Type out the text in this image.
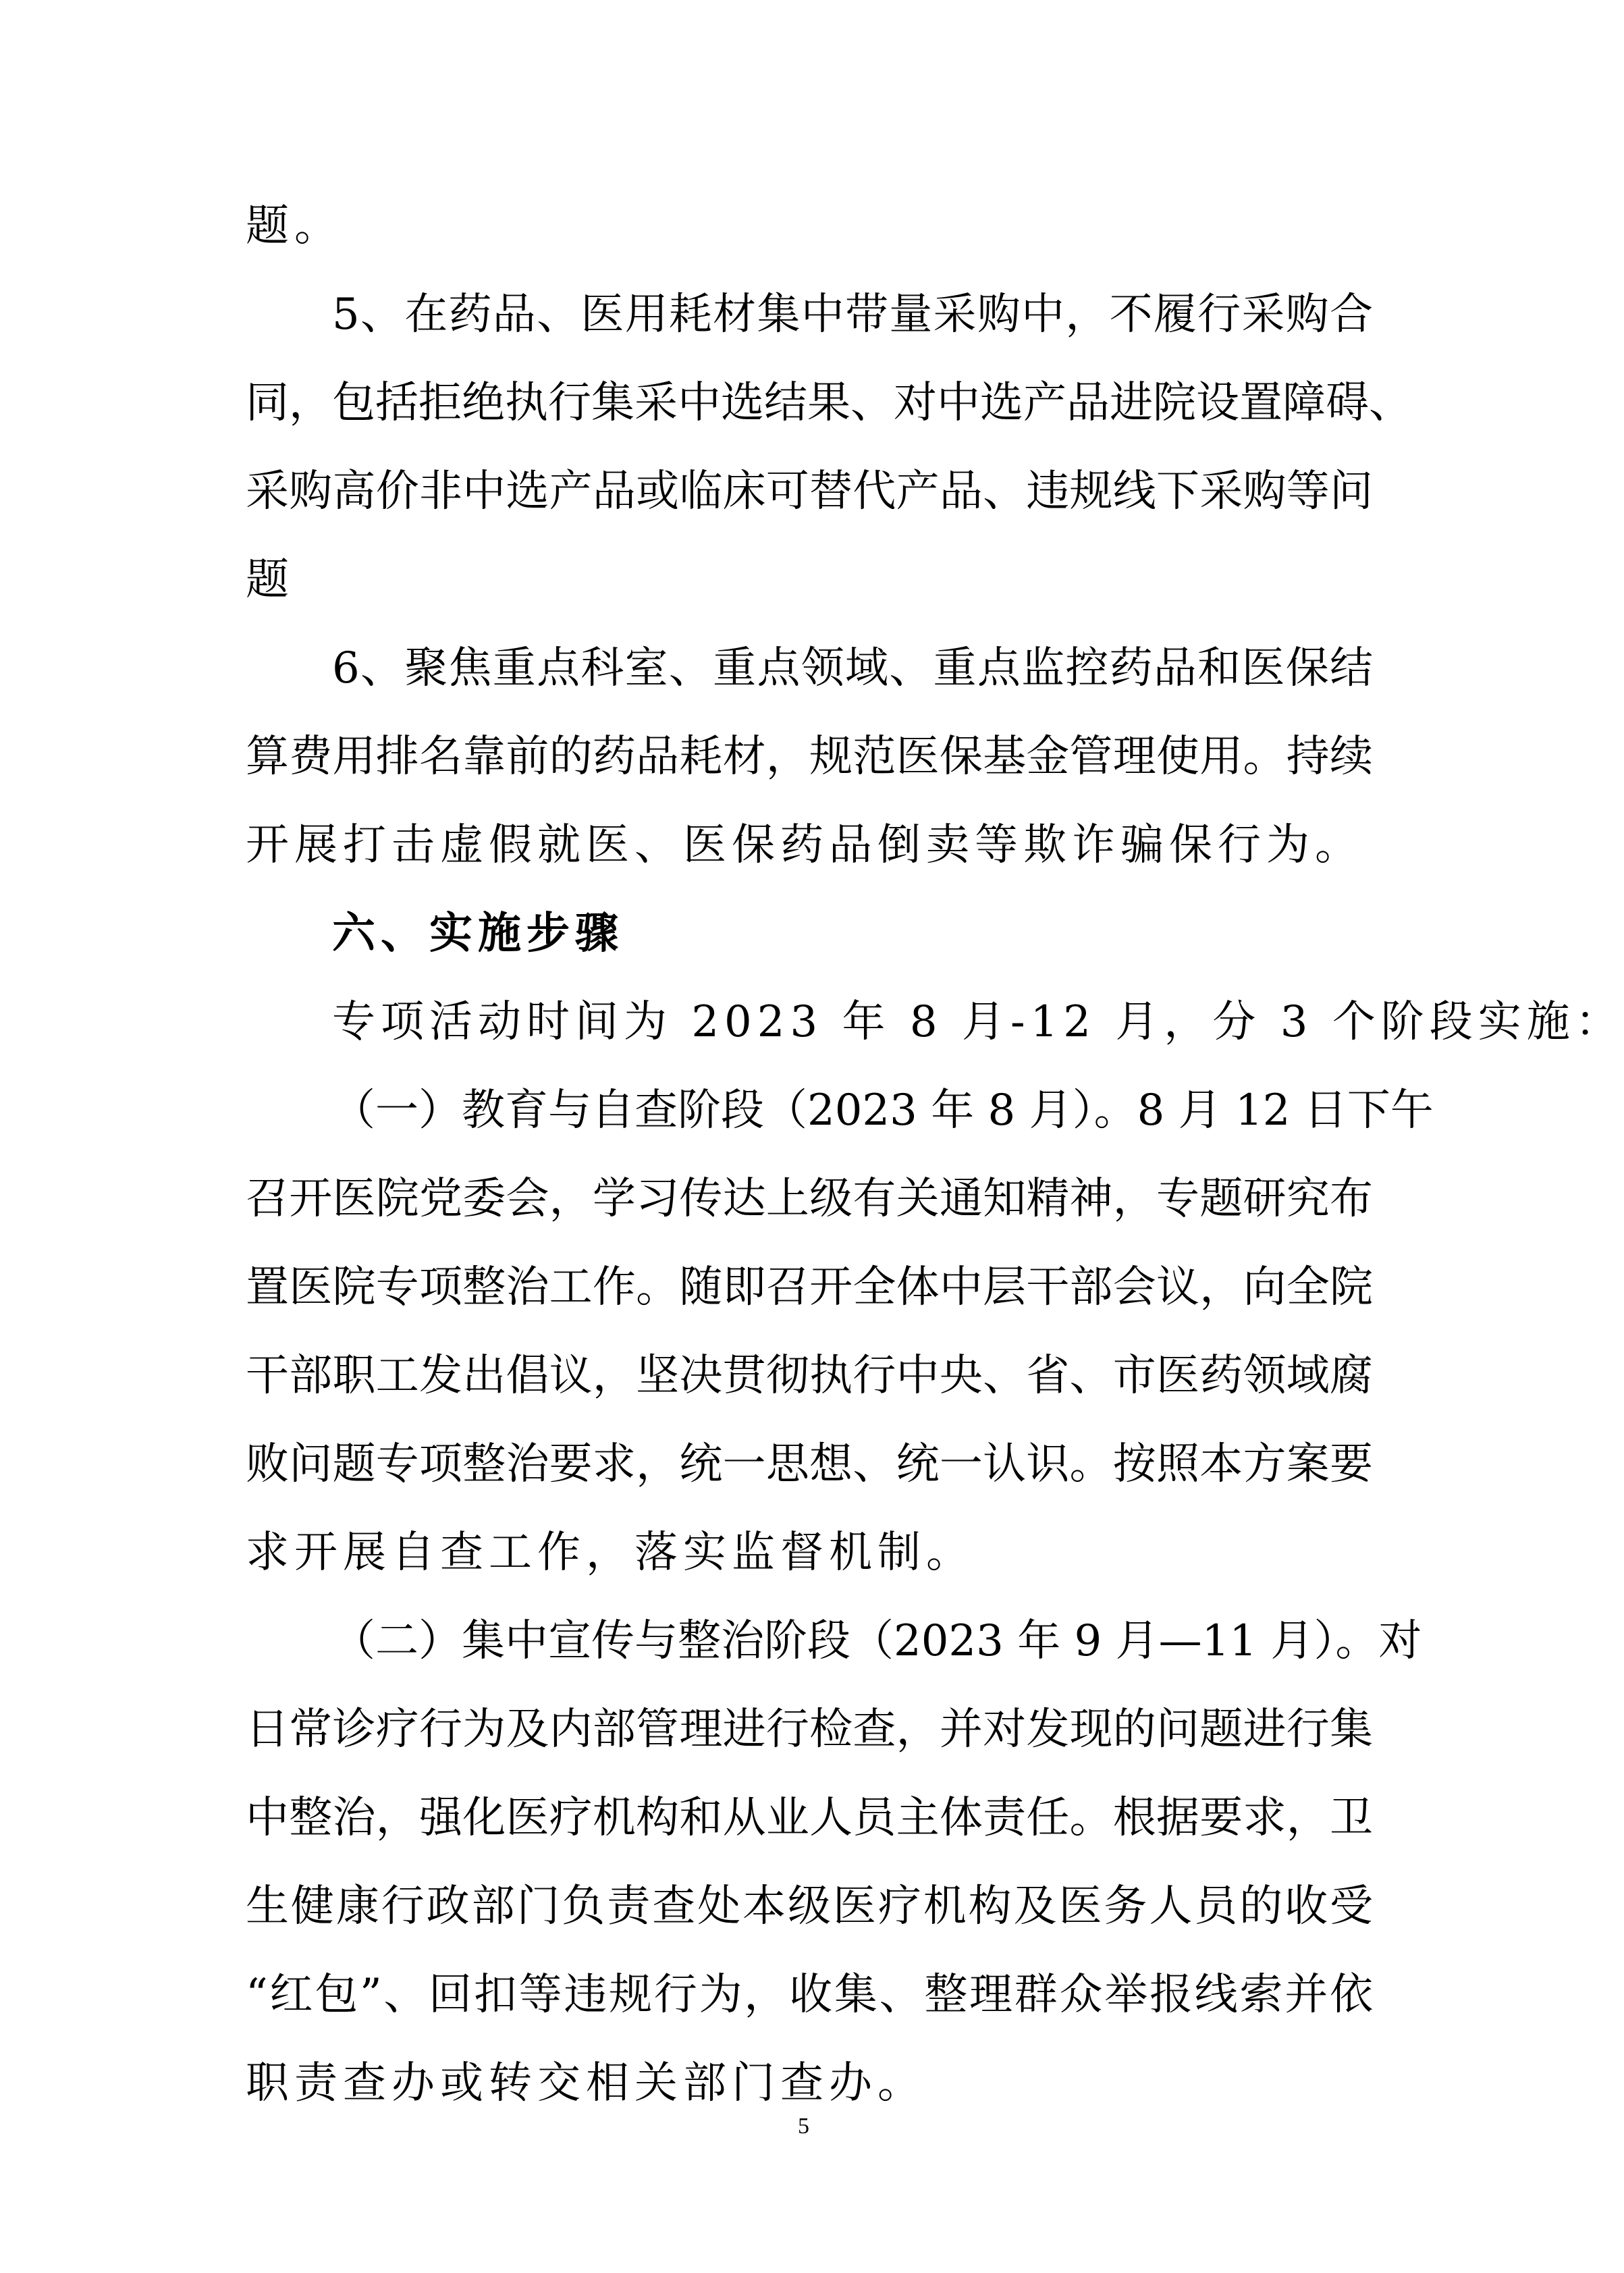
题。
5、在药品、医用耗材集中带量采购中，不履行采购合
同，包括拒绝执行集采中选结果、对中选产品进院设置障碍、
采购高价非中选产品或临床可替代产品、违规线下采购等问
题
6、聚焦重点科室、重点领域、重点监控药品和医保结
算费用排名靠前的药品耗材，规范医保基金管理使用。持续
开展打击虚假就医、医保药品倒卖等欺诈骗保行为。
六、实施步骤
专项活动时间为 2023 年 8 月-12 月，分 3 个阶段实施：
（一）教育与自查阶段（2023 年 8 月）。8 月 12 日下午
召开医院党委会，学习传达上级有关通知精神，专题研究布
置医院专项整治工作。随即召开全体中层干部会议，向全院
干部职工发出倡议，坚决贯彻执行中央、省、市医药领域腐
败问题专项整治要求，统一思想、统一认识。按照本方案要
求开展自查工作，落实监督机制。
（二）集中宣传与整治阶段（2023 年 9 月—11 月）。对
日常诊疗行为及内部管理进行检查，并对发现的问题进行集
中整治，强化医疗机构和从业人员主体责任。根据要求，卫
生健康行政部门负责查处本级医疗机构及医务人员的收受
“红包”、回扣等违规行为，收集、整理群众举报线索并依
职责查办或转交相关部门查办。
5
